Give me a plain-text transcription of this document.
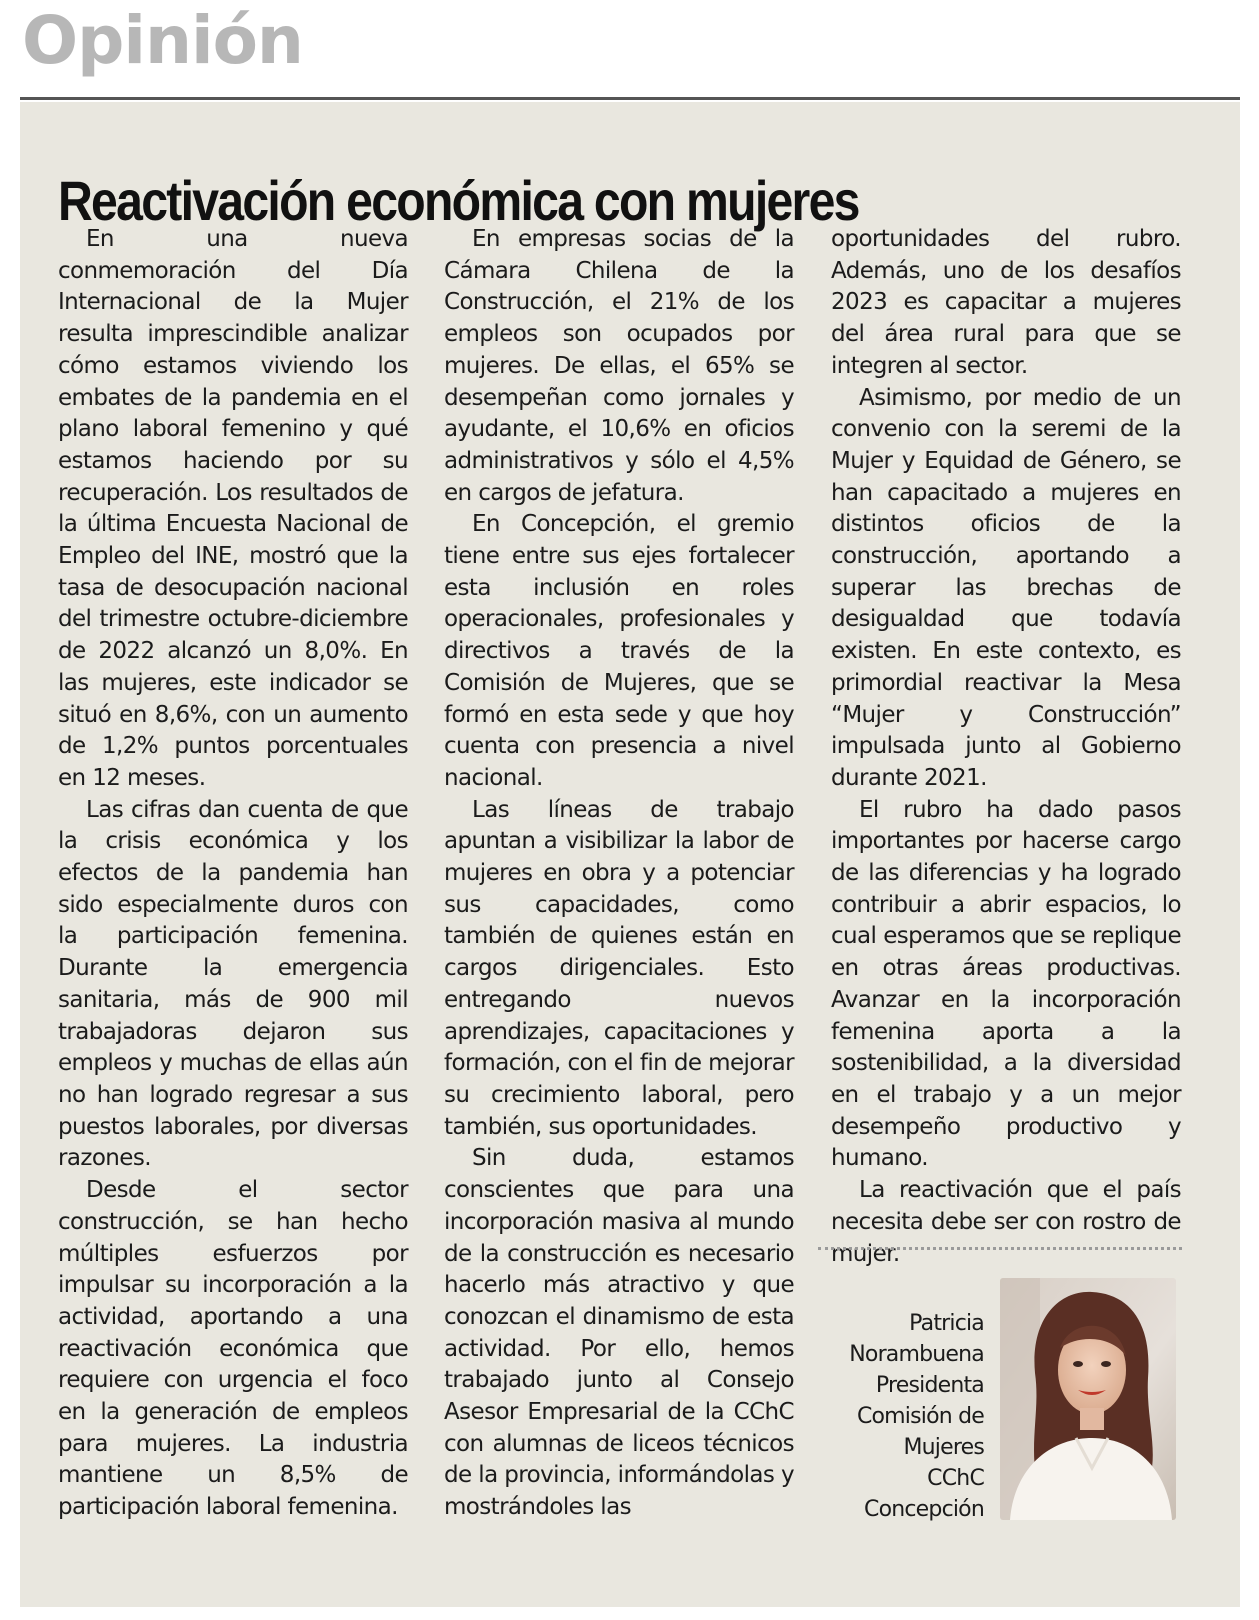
Opinión
Reactivación económica con mujeres

En una nueva conmemoración del Día Internacional de la Mujer resulta imprescindible analizar cómo estamos viviendo los embates de la pandemia en el plano laboral femenino y qué estamos haciendo por su recuperación. Los resultados de la última Encuesta Nacional de Empleo del INE, mostró que la tasa de desocupación nacional del trimestre octubre-diciembre de 2022 alcanzó un 8,0%. En las mujeres, este indicador se situó en 8,6%, con un aumento de 1,2% puntos porcentuales en 12 meses.

Las cifras dan cuenta de que la crisis económica y los efectos de la pandemia han sido especialmente duros con la participación femenina. Durante la emergencia sanitaria, más de 900 mil trabajadoras dejaron sus empleos y muchas de ellas aún no han logrado regresar a sus puestos laborales, por diversas razones.

Desde el sector construcción, se han hecho múltiples esfuerzos por impulsar su incorporación a la actividad, aportando a una reactivación económica que requiere con urgencia el foco en la generación de empleos para mujeres. La industria mantiene un 8,5% de participación laboral femenina.

En empresas socias de la Cámara Chilena de la Construcción, el 21% de los empleos son ocupados por mujeres. De ellas, el 65% se desempeñan como jornales y ayudante, el 10,6% en oficios administrativos y sólo el 4,5% en cargos de jefatura.

En Concepción, el gremio tiene entre sus ejes fortalecer esta inclusión en roles operacionales, profesionales y directivos a través de la Comisión de Mujeres, que se formó en esta sede y que hoy cuenta con presencia a nivel nacional.

Las líneas de trabajo apuntan a visibilizar la labor de mujeres en obra y a potenciar sus capacidades, como también de quienes están en cargos dirigenciales. Esto entregando nuevos aprendizajes, capacitaciones y formación, con el fin de mejorar su crecimiento laboral, pero también, sus oportunidades.

Sin duda, estamos conscientes que para una incorporación masiva al mundo de la construcción es necesario hacerlo más atractivo y que conozcan el dinamismo de esta actividad. Por ello, hemos trabajado junto al Consejo Asesor Empresarial de la CChC con alumnas de liceos técnicos de la provincia, informándolas y mostrándoles las

oportunidades del rubro. Además, uno de los desafíos 2023 es capacitar a mujeres del área rural para que se integren al sector.

Asimismo, por medio de un convenio con la seremi de la Mujer y Equidad de Género, se han capacitado a mujeres en distintos oficios de la construcción, aportando a superar las brechas de desigualdad que todavía existen. En este contexto, es primordial reactivar la Mesa “Mujer y Construcción” impulsada junto al Gobierno durante 2021.

El rubro ha dado pasos importantes por hacerse cargo de las diferencias y ha logrado contribuir a abrir espacios, lo cual esperamos que se replique en otras áreas productivas. Avanzar en la incorporación femenina aporta a la sostenibilidad, a la diversidad en el trabajo y a un mejor desempeño productivo y humano.

La reactivación que el país necesita debe ser con rostro de mujer.

Patricia
Norambuena
Presidenta
Comisión de
Mujeres
CChC
Concepción
